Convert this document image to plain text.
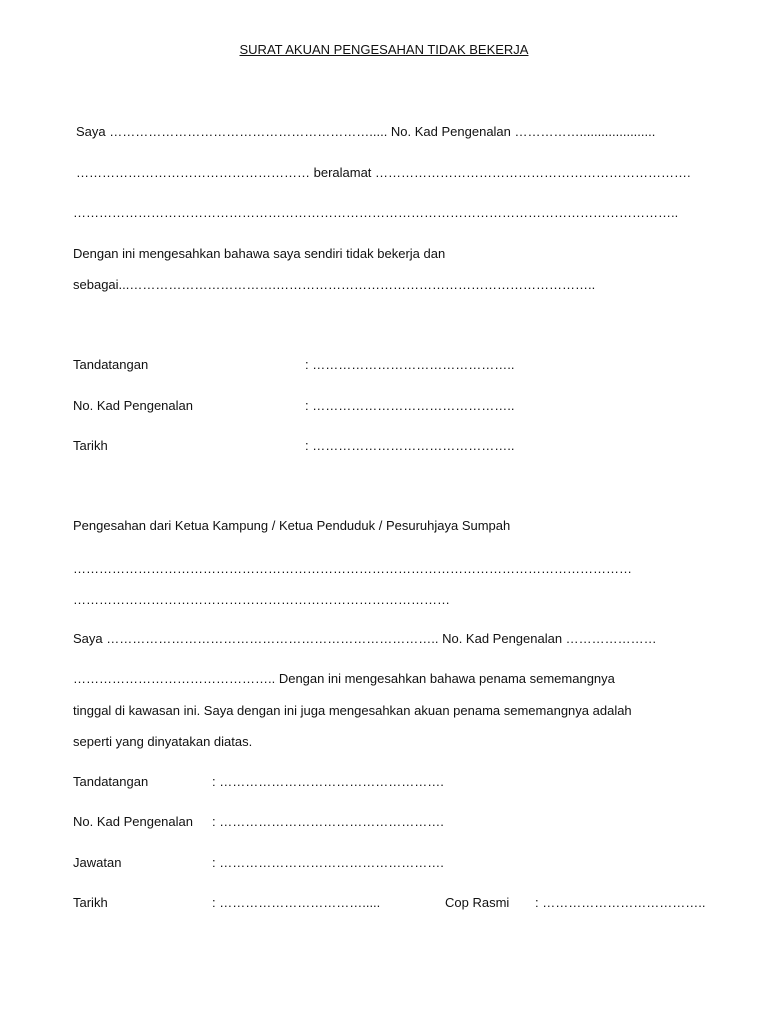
SURAT AKUAN PENGESAHAN TIDAK BEKERJA
Saya ……………………………………………………..... No. Kad Pengenalan …………….....................
……………………………………………… beralamat ……………………………………………………………….
…………………………………………………………………………………………………………………………..
Dengan ini mengesahkan bahawa saya sendiri tidak bekerja dan
sebagai...…………………………….………………………………………………………………..
Tandatangan	: ………………………………………..
No. Kad Pengenalan	: ………………………………………..
Tarikh	: ………………………………………..
Pengesahan dari Ketua Kampung / Ketua Penduduk / Pesuruhjaya Sumpah
…………………………………………………………………………………………………………………
……………………………………………………………………………
Saya ………………………………………………………………….. No. Kad Pengenalan …………………
……………………………………….. Dengan ini mengesahkan bahawa penama sememangnya
tinggal di kawasan ini. Saya dengan ini juga mengesahkan akuan penama sememangnya adalah
seperti yang dinyatakan diatas.
Tandatangan	: …………………………………………….
No. Kad Pengenalan : …………………………………………….
Jawatan	: …………………………………………….
Tarikh	: …………………………….....	Cop Rasmi : ………………………………..
